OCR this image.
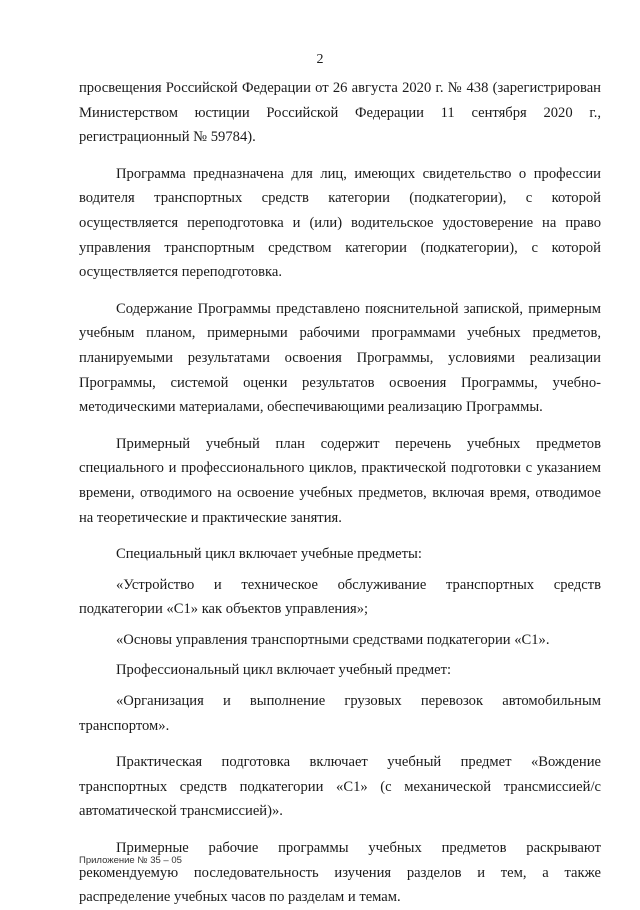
2

просвещения Российской Федерации от 26 августа 2020 г. № 438 (зарегистрирован Министерством юстиции Российской Федерации 11 сентября 2020 г., регистрационный № 59784).

Программа предназначена для лиц, имеющих свидетельство о профессии водителя транспортных средств категории (подкатегории), с которой осуществляется переподготовка и (или) водительское удостоверение на право управления транспортным средством категории (подкатегории), с которой осуществляется переподготовка.

Содержание Программы представлено пояснительной запиской, примерным учебным планом, примерными рабочими программами учебных предметов, планируемыми результатами освоения Программы, условиями реализации Программы, системой оценки результатов освоения Программы, учебно-методическими материалами, обеспечивающими реализацию Программы.

Примерный учебный план содержит перечень учебных предметов специального и профессионального циклов, практической подготовки с указанием времени, отводимого на освоение учебных предметов, включая время, отводимое на теоретические и практические занятия.

Специальный цикл включает учебные предметы:

«Устройство и техническое обслуживание транспортных средств подкатегории «С1» как объектов управления»;

«Основы управления транспортными средствами подкатегории «С1».

Профессиональный цикл включает учебный предмет:

«Организация и выполнение грузовых перевозок автомобильным транспортом».

Практическая подготовка включает учебный предмет «Вождение транспортных средств подкатегории «С1» (с механической трансмиссией/с автоматической трансмиссией)».

Примерные рабочие программы учебных предметов раскрывают рекомендуемую последовательность изучения разделов и тем, а также распределение учебных часов по разделам и темам.

Приложение № 35 – 05
